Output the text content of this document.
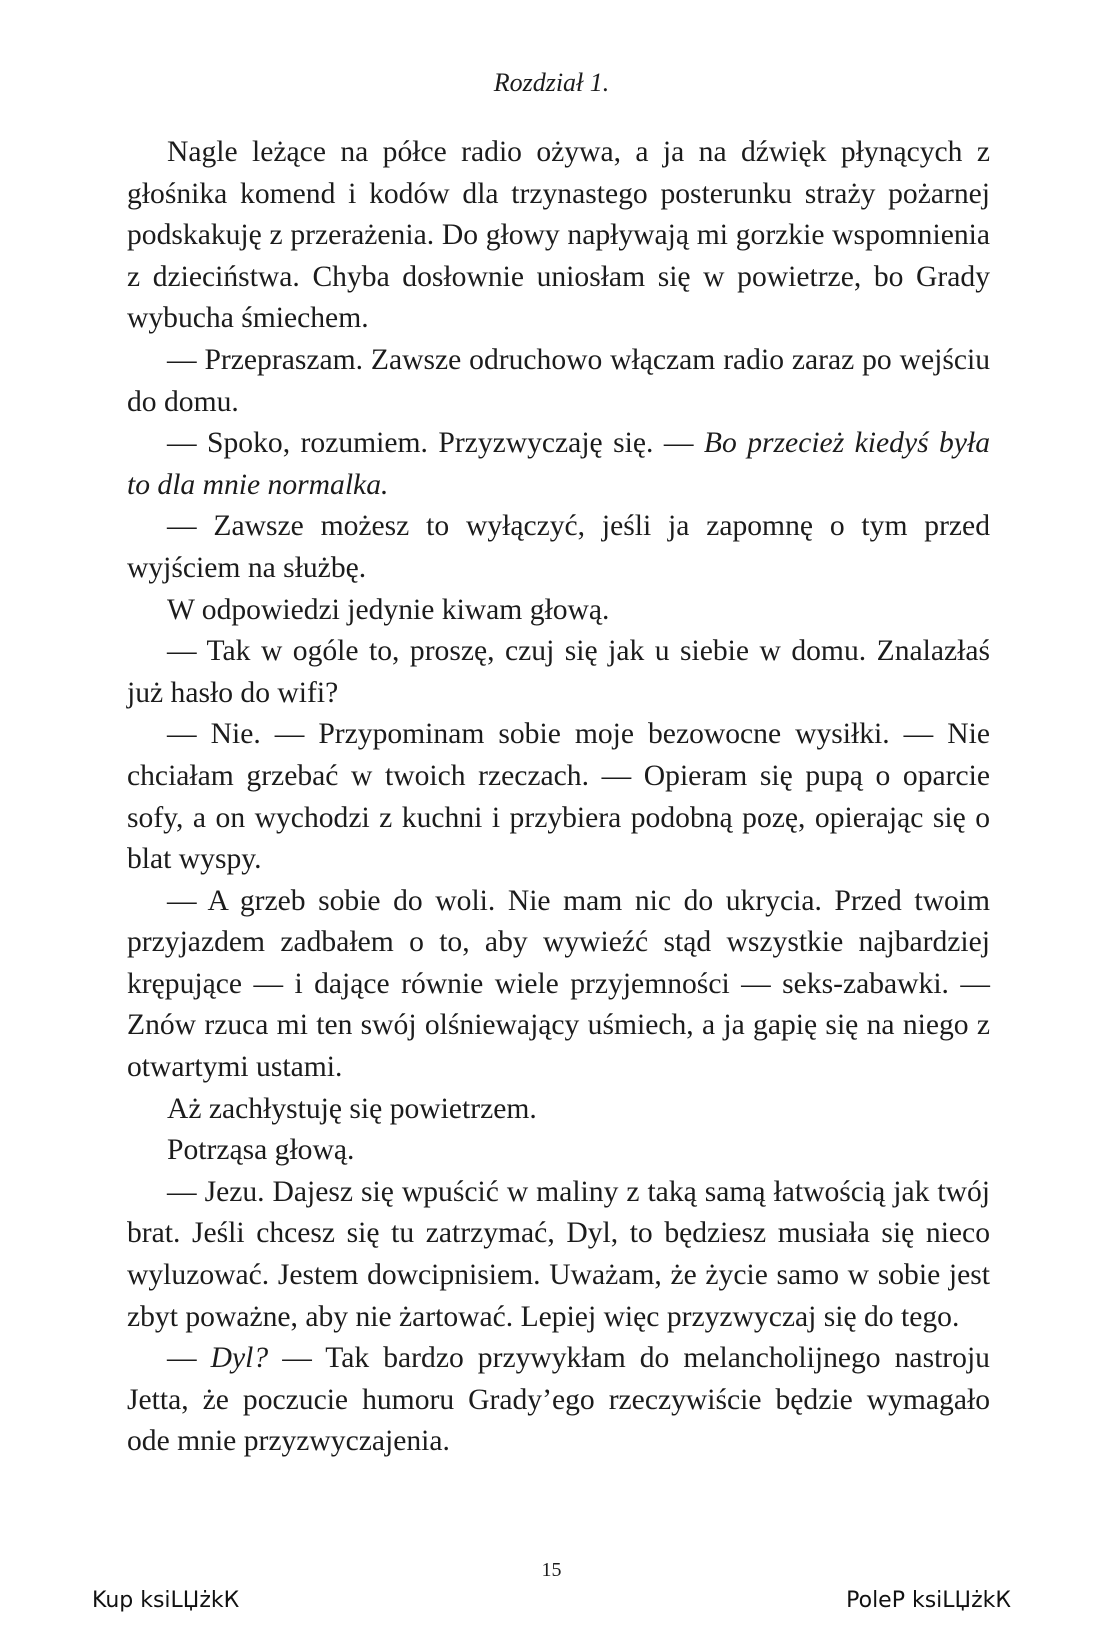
Rozdział 1.

Nagle leżące na półce radio ożywa, a ja na dźwięk płynących z głośnika komend i kodów dla trzynastego posterunku straży pożarnej podskakuję z przerażenia. Do głowy napływają mi gorzkie wspomnienia z dzieciństwa. Chyba dosłownie uniosłam się w powietrze, bo Grady wybucha śmiechem.

— Przepraszam. Zawsze odruchowo włączam radio zaraz po wejściu do domu.

— Spoko, rozumiem. Przyzwyczaję się. — Bo przecież kiedyś była to dla mnie normalka.

— Zawsze możesz to wyłączyć, jeśli ja zapomnę o tym przed wyjściem na służbę.

W odpowiedzi jedynie kiwam głową.

— Tak w ogóle to, proszę, czuj się jak u siebie w domu. Znalazłaś już hasło do wifi?

— Nie. — Przypominam sobie moje bezowocne wysiłki. — Nie chciałam grzebać w twoich rzeczach. — Opieram się pupą o oparcie sofy, a on wychodzi z kuchni i przybiera podobną pozę, opierając się o blat wyspy.

— A grzeb sobie do woli. Nie mam nic do ukrycia. Przed twoim przyjazdem zadbałem o to, aby wywieźć stąd wszystkie najbardziej krępujące — i dające równie wiele przyjemności — seks-zabawki. — Znów rzuca mi ten swój olśniewający uśmiech, a ja gapię się na niego z otwartymi ustami.

Aż zachłystuję się powietrzem.

Potrząsa głową.

— Jezu. Dajesz się wpuścić w maliny z taką samą łatwością jak twój brat. Jeśli chcesz się tu zatrzymać, Dyl, to będziesz musiała się nieco wyluzować. Jestem dowcipnisiem. Uważam, że życie samo w sobie jest zbyt poważne, aby nie żartować. Lepiej więc przyzwyczaj się do tego.

— Dyl? — Tak bardzo przywykłam do melancholijnego nastroju Jetta, że poczucie humoru Grady’ego rzeczywiście będzie wymagało ode mnie przyzwyczajenia.

15
Kup ksiLЏżkК	PoleР ksiLЏżkК
